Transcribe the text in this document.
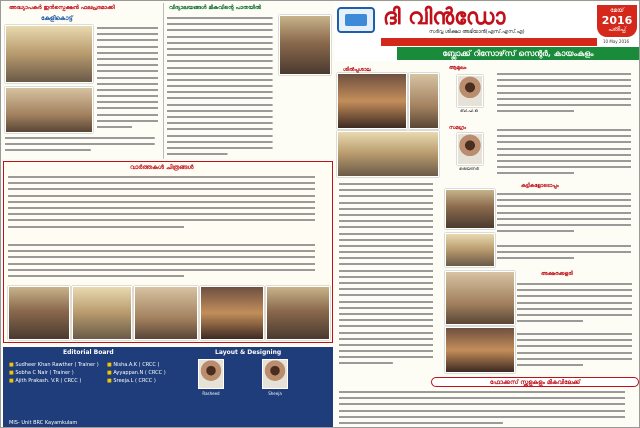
ദി വിൻഡോ
സർവ്വ ശിക്ഷാ അഭിയാൻ(എസ്.എസ്.എ)
മേയ്
2016
പതിപ്പ്
ബ്ലോക്ക് റിസോഴ്‌സ് സെന്റർ, കായംകുളം
10 May 2016
അദ്ധ്യാപകർ ഇൻസ്പെക്ഷൻ ഫലപ്രദമാക്കി
കേളികൊട്ട്
വിദ്യാലയങ്ങൾ മികവിന്റെ പാതയിൽ
ശിൽപ്പശാല	ആമുഖം
ബി.പി.ഒ
സമഗ്രം
ട്രെയിനർ
കുട്ടികളോടൊപ്പം
അക്ഷരക്കളരി
ഫോക്കസ് സ്കൂളുകളും മികവിലേക്ക്
വാർത്തകൾ ചിത്രങ്ങൾ
Editorial Board	Layout & Designing
■ Sudheer Khan Rawther ( Trainer )
■ Sobha C Nair ( Trainer )
■ Ajith Prakash. V.R ( CRCC )
■ Nisha.A.K ( CRCC )
■ Ayyappan.N ( CRCC )
■ Sreeja.L ( CRCC )
Rasheed	Sheeja
MIS- Unit BRC Kayamkulam
